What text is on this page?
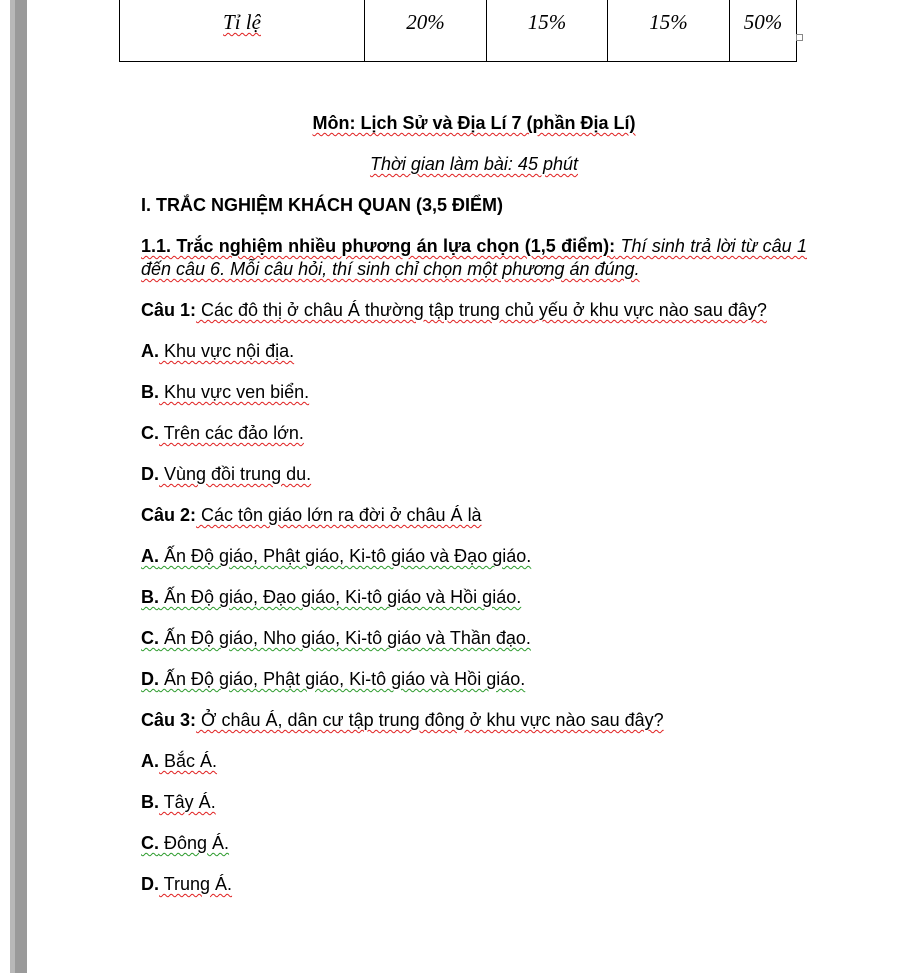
Tỉ lệ	20%	15%	15%	50%

Môn: Lịch Sử và Địa Lí 7 (phần Địa Lí)

Thời gian làm bài: 45 phút

I. TRẮC NGHIỆM KHÁCH QUAN (3,5 ĐIỂM)

1.1. Trắc nghiệm nhiều phương án lựa chọn (1,5 điểm): Thí sinh trả lời từ câu 1 đến câu 6. Mỗi câu hỏi, thí sinh chỉ chọn một phương án đúng.

Câu 1: Các đô thị ở châu Á thường tập trung chủ yếu ở khu vực nào sau đây?

A. Khu vực nội địa.

B. Khu vực ven biển.

C. Trên các đảo lớn.

D. Vùng đồi trung du.

Câu 2: Các tôn giáo lớn ra đời ở châu Á là

A. Ấn Độ giáo, Phật giáo, Ki-tô giáo và Đạo giáo.

B. Ấn Độ giáo, Đạo giáo, Ki-tô giáo và Hồi giáo.

C. Ấn Độ giáo, Nho giáo, Ki-tô giáo và Thần đạo.

D. Ấn Độ giáo, Phật giáo, Ki-tô giáo và Hồi giáo.

Câu 3: Ở châu Á, dân cư tập trung đông ở khu vực nào sau đây?

A. Bắc Á.

B. Tây Á.

C. Đông Á.

D. Trung Á.
